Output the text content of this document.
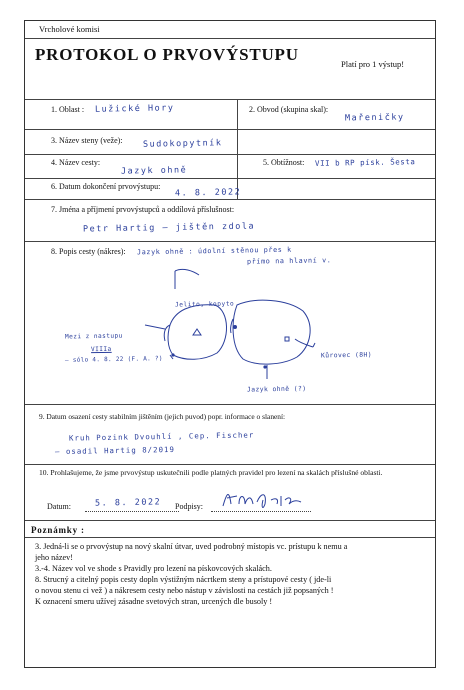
Vrcholové komisi
PROTOKOL O PRVOVÝSTUPU	Platí pro 1 výstup!
1. Oblast : Lužické Hory	2. Obvod (skupina skal):
Mařeničky
3. Název steny (veže): Sudokopytník
4. Název cesty:
Jazyk ohně
5. Obtížnost: VII b RP písk. Šesta
6. Datum dokončení prvovýstupu:
4. 8. 2022
7. Jména a příjmení prvovýstupců a oddílová příslušnost:
Petr Hartig – jištěn zdola
8. Popis cesty (nákres): Jazyk ohně : údolní stěnou přes k
přímo na hlavní v.
Jelito, kopyto
Mezi z nastupu
VIIIa
– sólo 4. 8. 22 (F. A. ?)
Kůrovec (8H)
Jazyk ohně (?)
9. Datum osazení cesty stabilním jištěním (jejich puvod) popr. informace o slanení:
Kruh Pozink Dvouhlí , Cep. Fischer
– osadil Hartig 8/2019
10. Prohlašujeme, že jsme prvovýstup uskutečnili podle platných pravidel pro lezení na skalách příslušné oblasti.
Datum:	5. 8. 2022 Podpisy:
Poznámky :
3. Jedná-li se o prvovýstup na nový skalní útvar, uved podrobný místopis vc. prístupu k nemu a
jeho název!
3.-4. Název vol ve shode s Pravidly pro lezení na pískovcových skalách.
8. Strucný a citelný popis cesty dopln výstižným nácrtkem steny a prístupové cesty ( jde-li
o novou stenu ci vež ) a nákresem cesty nebo nástup v závislosti na cestách již popsaných !
K oznacení smeru užívej zásadne svetových stran, urcených dle busoly !
